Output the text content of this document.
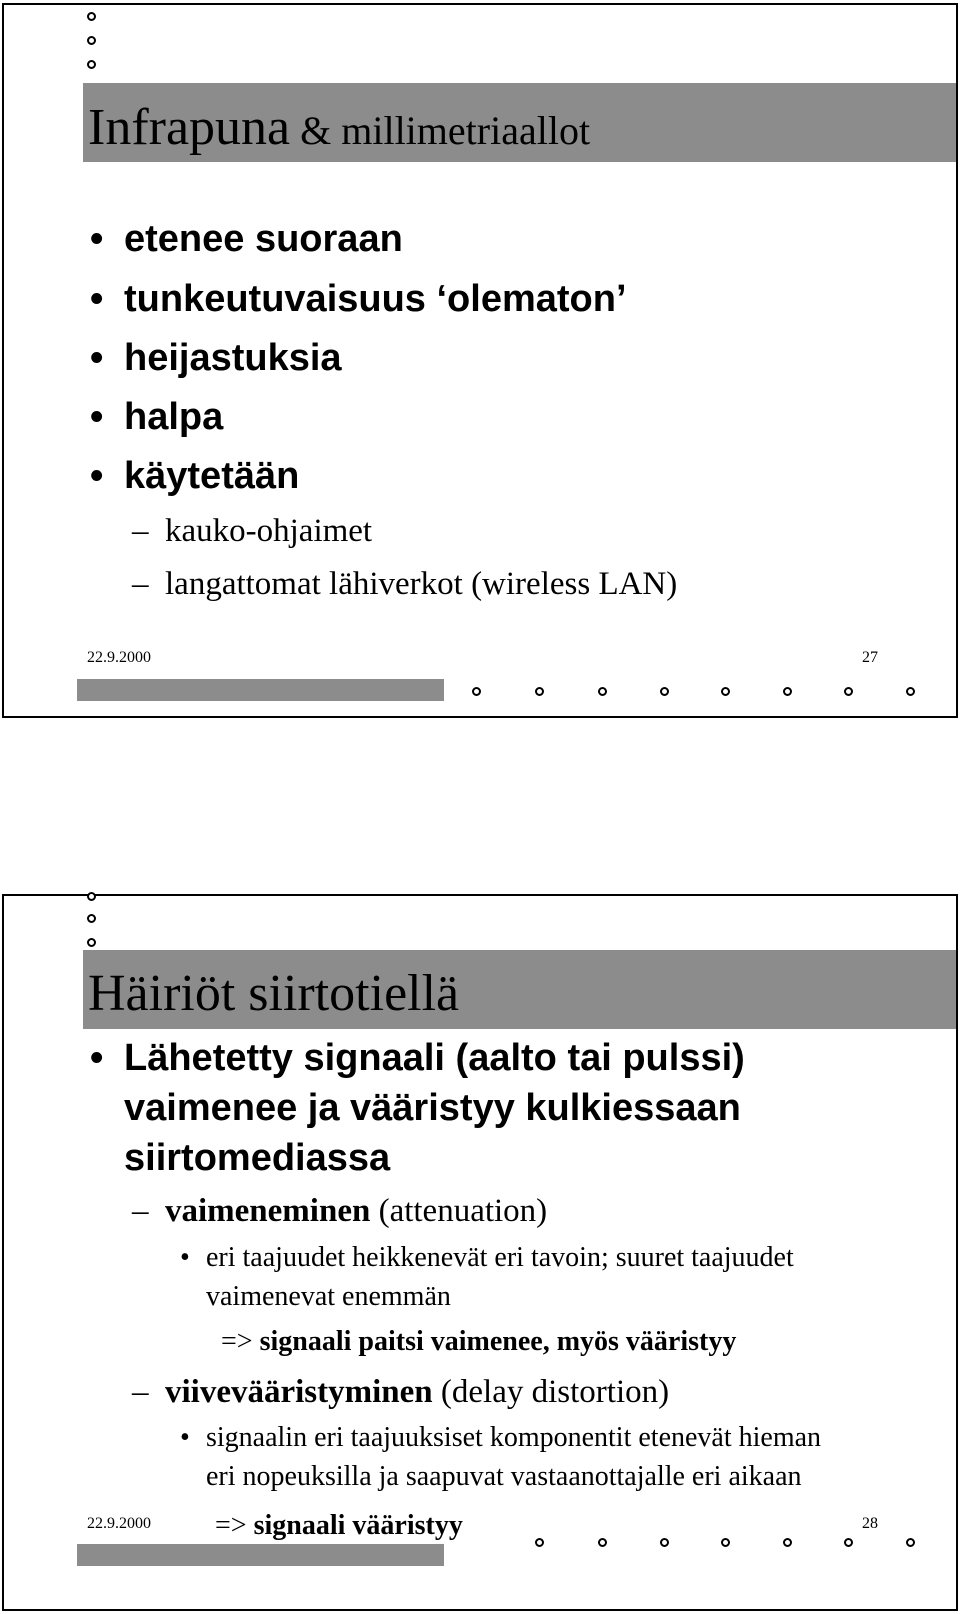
Infrapuna & millimetriaallot
• etenee suoraan
• tunkeutuvaisuus ‘olematon’
• heijastuksia
• halpa
• käytetään
– kauko-ohjaimet
– langattomat lähiverkot (wireless LAN)
22.9.2000	27
Häiriöt siirtotiellä
• Lähetetty signaali (aalto tai pulssi)
vaimenee ja vääristyy kulkiessaan
siirtomediassa
– vaimeneminen (attenuation)
• eri taajuudet heikkenevät eri tavoin; suuret taajuudet
vaimenevat enemmän
=> signaali paitsi vaimenee, myös vääristyy
– viivevääristyminen (delay distortion)
• signaalin eri taajuuksiset komponentit etenevät hieman
eri nopeuksilla ja saapuvat vastaanottajalle eri aikaan
=> signaali vääristyy
22.9.2000	28
